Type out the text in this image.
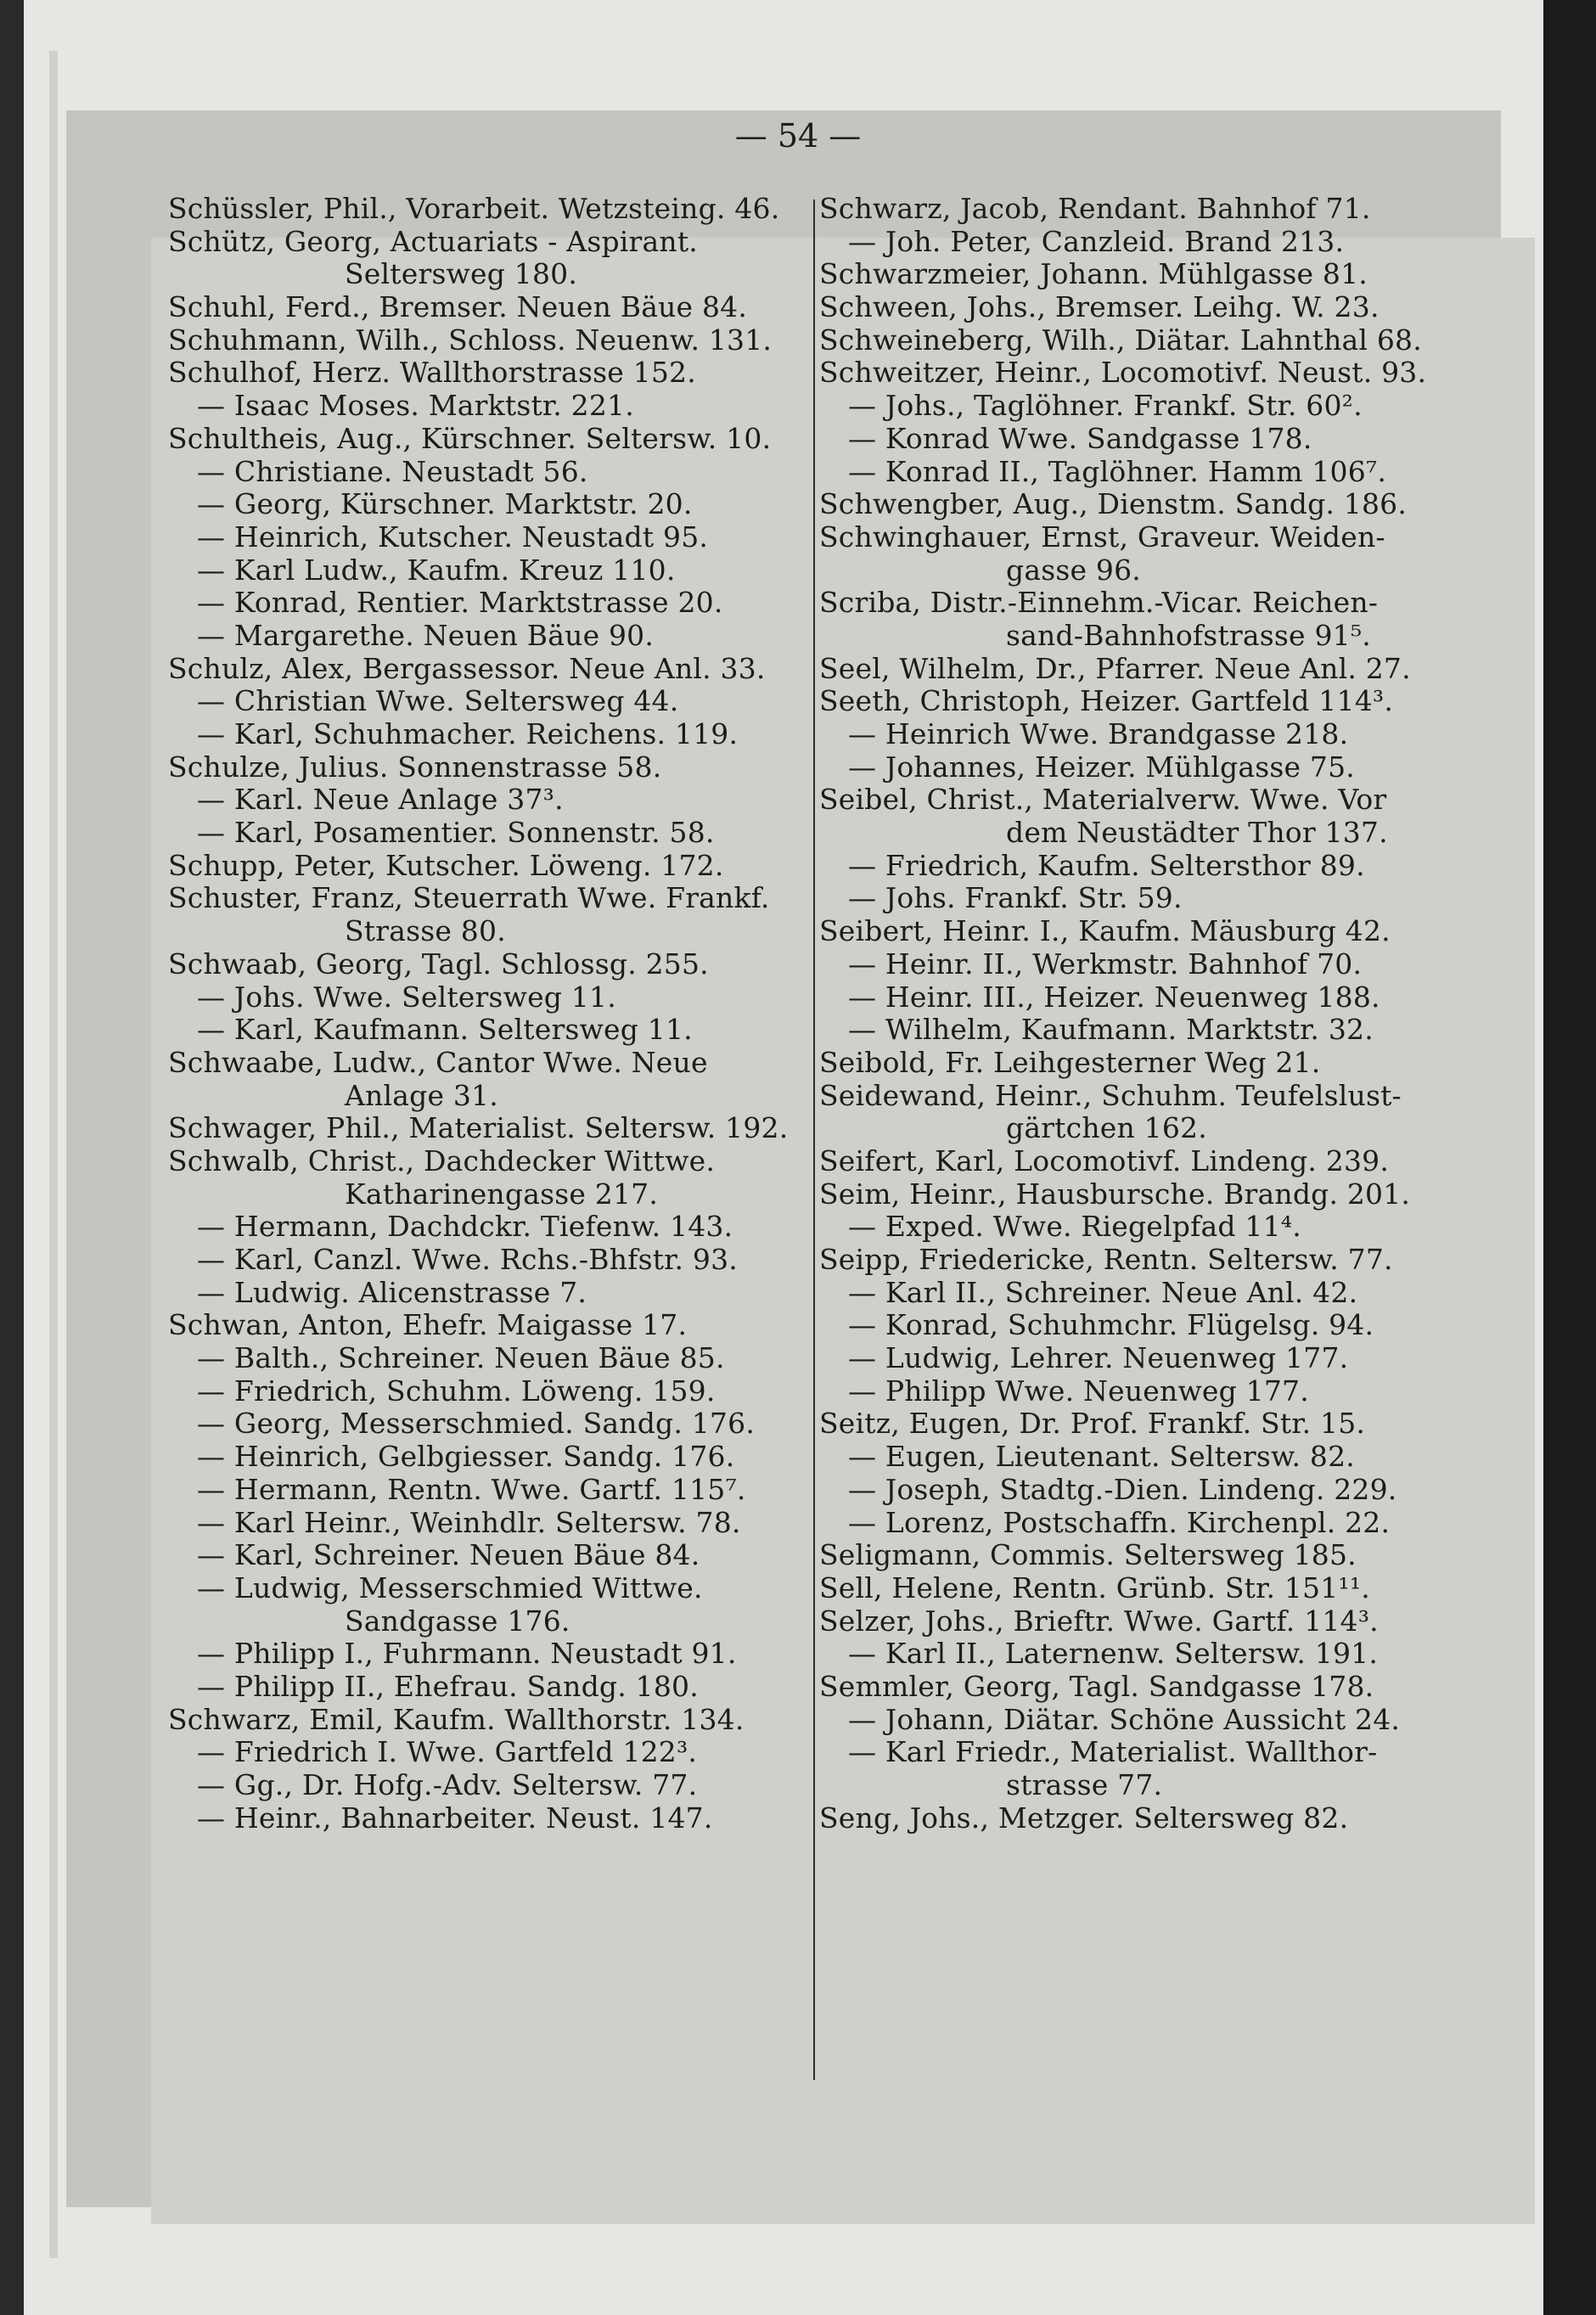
— 54 —
Schüssler, Phil., Vorarbeit. Wetzsteing. 46.
Schütz, Georg, Actuariats - Aspirant.
Seltersweg 180.
Schuhl, Ferd., Bremser. Neuen Bäue 84.
Schuhmann, Wilh., Schloss. Neuenw. 131.
Schulhof, Herz. Wallthorstrasse 152.
— Isaac Moses. Marktstr. 221.
Schultheis, Aug., Kürschner. Seltersw. 10.
— Christiane. Neustadt 56.
— Georg, Kürschner. Marktstr. 20.
— Heinrich, Kutscher. Neustadt 95.
— Karl Ludw., Kaufm. Kreuz 110.
— Konrad, Rentier. Marktstrasse 20.
— Margarethe. Neuen Bäue 90.
Schulz, Alex, Bergassessor. Neue Anl. 33.
— Christian Wwe. Seltersweg 44.
— Karl, Schuhmacher. Reichens. 119.
Schulze, Julius. Sonnenstrasse 58.
— Karl. Neue Anlage 37³.
— Karl, Posamentier. Sonnenstr. 58.
Schupp, Peter, Kutscher. Löweng. 172.
Schuster, Franz, Steuerrath Wwe. Frankf.
Strasse 80.
Schwaab, Georg, Tagl. Schlossg. 255.
— Johs. Wwe. Seltersweg 11.
— Karl, Kaufmann. Seltersweg 11.
Schwaabe, Ludw., Cantor Wwe. Neue
Anlage 31.
Schwager, Phil., Materialist. Seltersw. 192.
Schwalb, Christ., Dachdecker Wittwe.
Katharinengasse 217.
— Hermann, Dachdckr. Tiefenw. 143.
— Karl, Canzl. Wwe. Rchs.-Bhfstr. 93.
— Ludwig. Alicenstrasse 7.
Schwan, Anton, Ehefr. Maigasse 17.
— Balth., Schreiner. Neuen Bäue 85.
— Friedrich, Schuhm. Löweng. 159.
— Georg, Messerschmied. Sandg. 176.
— Heinrich, Gelbgiesser. Sandg. 176.
— Hermann, Rentn. Wwe. Gartf. 115⁷.
— Karl Heinr., Weinhdlr. Seltersw. 78.
— Karl, Schreiner. Neuen Bäue 84.
— Ludwig, Messerschmied Wittwe.
Sandgasse 176.
— Philipp I., Fuhrmann. Neustadt 91.
— Philipp II., Ehefrau. Sandg. 180.
Schwarz, Emil, Kaufm. Wallthorstr. 134.
— Friedrich I. Wwe. Gartfeld 122³.
— Gg., Dr. Hofg.-Adv. Seltersw. 77.
— Heinr., Bahnarbeiter. Neust. 147.
Schwarz, Jacob, Rendant. Bahnhof 71.
— Joh. Peter, Canzleid. Brand 213.
Schwarzmeier, Johann. Mühlgasse 81.
Schween, Johs., Bremser. Leihg. W. 23.
Schweineberg, Wilh., Diätar. Lahnthal 68.
Schweitzer, Heinr., Locomotivf. Neust. 93.
— Johs., Taglöhner. Frankf. Str. 60².
— Konrad Wwe. Sandgasse 178.
— Konrad II., Taglöhner. Hamm 106⁷.
Schwengber, Aug., Dienstm. Sandg. 186.
Schwinghauer, Ernst, Graveur. Weiden-
gasse 96.
Scriba, Distr.-Einnehm.-Vicar. Reichen-
sand-Bahnhofstrasse 91⁵.
Seel, Wilhelm, Dr., Pfarrer. Neue Anl. 27.
Seeth, Christoph, Heizer. Gartfeld 114³.
— Heinrich Wwe. Brandgasse 218.
— Johannes, Heizer. Mühlgasse 75.
Seibel, Christ., Materialverw. Wwe. Vor
dem Neustädter Thor 137.
— Friedrich, Kaufm. Seltersthor 89.
— Johs. Frankf. Str. 59.
Seibert, Heinr. I., Kaufm. Mäusburg 42.
— Heinr. II., Werkmstr. Bahnhof 70.
— Heinr. III., Heizer. Neuenweg 188.
— Wilhelm, Kaufmann. Marktstr. 32.
Seibold, Fr. Leihgesterner Weg 21.
Seidewand, Heinr., Schuhm. Teufelslust-
gärtchen 162.
Seifert, Karl, Locomotivf. Lindeng. 239.
Seim, Heinr., Hausbursche. Brandg. 201.
— Exped. Wwe. Riegelpfad 11⁴.
Seipp, Friedericke, Rentn. Seltersw. 77.
— Karl II., Schreiner. Neue Anl. 42.
— Konrad, Schuhmchr. Flügelsg. 94.
— Ludwig, Lehrer. Neuenweg 177.
— Philipp Wwe. Neuenweg 177.
Seitz, Eugen, Dr. Prof. Frankf. Str. 15.
— Eugen, Lieutenant. Seltersw. 82.
— Joseph, Stadtg.-Dien. Lindeng. 229.
— Lorenz, Postschaffn. Kirchenpl. 22.
Seligmann, Commis. Seltersweg 185.
Sell, Helene, Rentn. Grünb. Str. 151¹¹.
Selzer, Johs., Brieftr. Wwe. Gartf. 114³.
— Karl II., Laternenw. Seltersw. 191.
Semmler, Georg, Tagl. Sandgasse 178.
— Johann, Diätar. Schöne Aussicht 24.
— Karl Friedr., Materialist. Wallthor-
strasse 77.
Seng, Johs., Metzger. Seltersweg 82.
